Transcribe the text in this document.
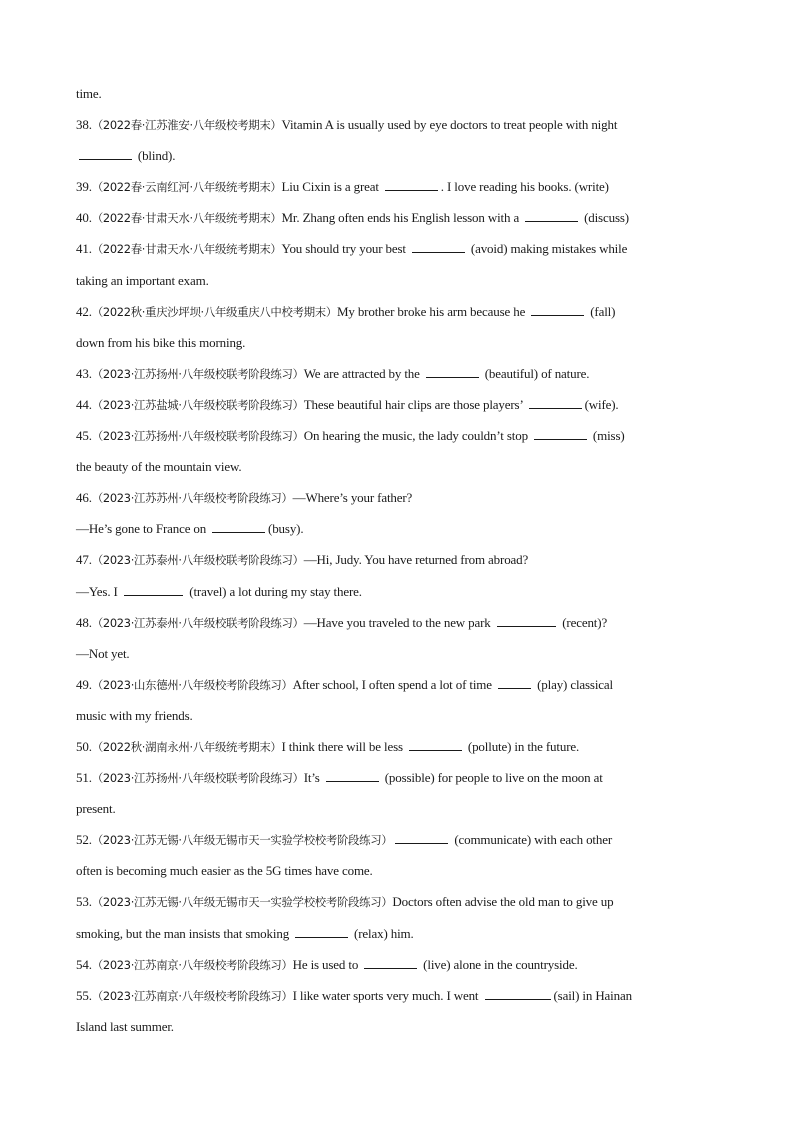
time.
38.（2022春·江苏淮安·八年级校考期末）Vitamin A is usually used by eye doctors to treat people with night
(blind).
39.（2022春·云南红河·八年级统考期末）Liu Cixin is a great	. I love reading his books. (write)
40.（2022春·甘肃天水·八年级统考期末）Mr. Zhang often ends his English lesson with a	(discuss)
41.（2022春·甘肃天水·八年级统考期末）You should try your best	(avoid) making mistakes while
taking an important exam.
42.（2022秋·重庆沙坪坝·八年级重庆八中校考期末）My brother broke his arm because he	(fall)
down from his bike this morning.
43.（2023·江苏扬州·八年级校联考阶段练习）We are attracted by the	(beautiful) of nature.
44.（2023·江苏盐城·八年级校联考阶段练习）These beautiful hair clips are those players’	(wife).
45.（2023·江苏扬州·八年级校联考阶段练习）On hearing the music, the lady couldn’t stop	(miss)
the beauty of the mountain view.
46.（2023·江苏苏州·八年级校考阶段练习）—Where’s your father?
—He’s gone to France on	(busy).
47.（2023·江苏泰州·八年级校联考阶段练习）—Hi, Judy. You have returned from abroad?
—Yes. I	(travel) a lot during my stay there.
48.（2023·江苏泰州·八年级校联考阶段练习）—Have you traveled to the new park	(recent)?
—Not yet.
49.（2023·山东德州·八年级校考阶段练习）After school, I often spend a lot of time	(play) classical
music with my friends.
50.（2022秋·湖南永州·八年级统考期末）I think there will be less	(pollute) in the future.
51.（2023·江苏扬州·八年级校联考阶段练习）It’s	(possible) for people to live on the moon at
present.
52.（2023·江苏无锡·八年级无锡市天一实验学校校考阶段练习）	(communicate) with each other
often is becoming much easier as the 5G times have come.
53.（2023·江苏无锡·八年级无锡市天一实验学校校考阶段练习）Doctors often advise the old man to give up
smoking, but the man insists that smoking	(relax) him.
54.（2023·江苏南京·八年级校考阶段练习）He is used to	(live) alone in the countryside.
55.（2023·江苏南京·八年级校考阶段练习）I like water sports very much. I went	(sail) in Hainan
Island last summer.
